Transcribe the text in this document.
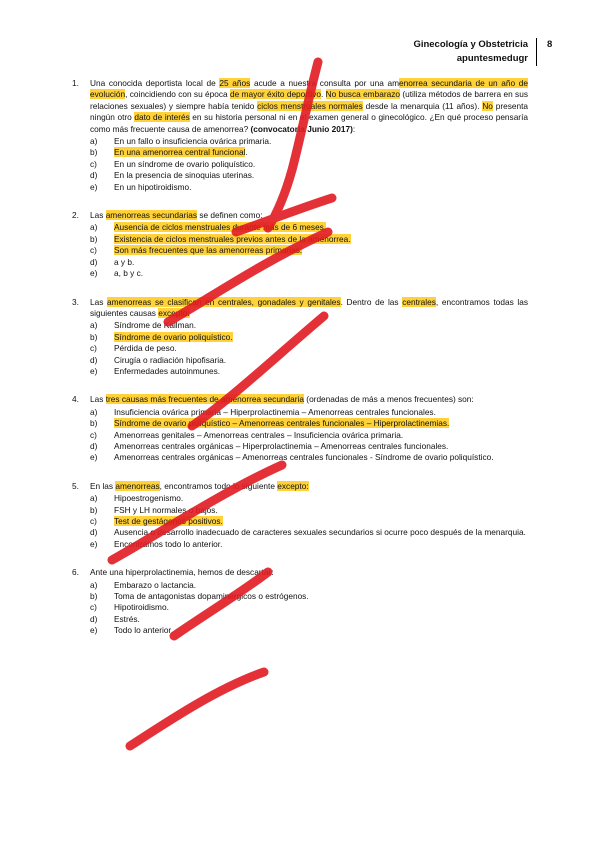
Ginecología y Obstetricia
apuntesmedugr
8
1. Una conocida deportista local de 25 años acude a nuestra consulta por una amenorrea secundaria de un año de evolución, coincidiendo con su época de mayor éxito deportivo. No busca embarazo (utiliza métodos de barrera en sus relaciones sexuales) y siempre había tenido ciclos menstruales normales desde la menarquia (11 años). No presenta ningún otro dato de interés en su historia personal ni en el examen general o ginecológico. ¿En qué proceso pensaría como más frecuente causa de amenorrea? (convocatoria Junio 2017):
a) En un fallo o insuficiencia ovárica primaria.
b) En una amenorrea central funcional.
c) En un síndrome de ovario poliquístico.
d) En la presencia de sinoquias uterinas.
e) En un hipotiroidismo.
2. Las amenorreas secundarias se definen como:
a) Ausencia de ciclos menstruales durante más de 6 meses.
b) Existencia de ciclos menstruales previos antes de la amenorrea.
c) Son más frecuentes que las amenorreas primarias.
d) a y b.
e) a, b y c.
3. Las amenorreas se clasifican en centrales, gonadales y genitales. Dentro de las centrales, encontramos todas las siguientes causas excepto:
a) Síndrome de Kallman.
b) Síndrome de ovario poliquístico.
c) Pérdida de peso.
d) Cirugía o radiación hipofisaria.
e) Enfermedades autoinmunes.
4. Las tres causas más frecuentes de amenorrea secundaria (ordenadas de más a menos frecuentes) son:
a) Insuficiencia ovárica primaria – Hiperprolactinemia – Amenorreas centrales funcionales.
b) Síndrome de ovario poliquístico – Amenorreas centrales funcionales – Hiperprolactinemias.
c) Amenorreas genitales – Amenorreas centrales – Insuficiencia ovárica primaria.
d) Amenorreas centrales orgánicas – Hiperprolactinemia – Amenorreas centrales funcionales.
e) Amenorreas centrales orgánicas – Amenorreas centrales funcionales - Síndrome de ovario poliquístico.
5. En las amenorreas, encontramos todo lo siguiente excepto:
a) Hipoestrogenismo.
b) FSH y LH normales o bajos.
c) Test de gestágenos positivos.
d) Ausencia o desarrollo inadecuado de caracteres sexuales secundarios si ocurre poco después de la menarquia.
e) Encontramos todo lo anterior.
6. Ante una hiperprolactinemia, hemos de descartar:
a) Embarazo o lactancia.
b) Toma de antagonistas dopaminérgicos o estrógenos.
c) Hipotiroidismo.
d) Estrés.
e) Todo lo anterior.
